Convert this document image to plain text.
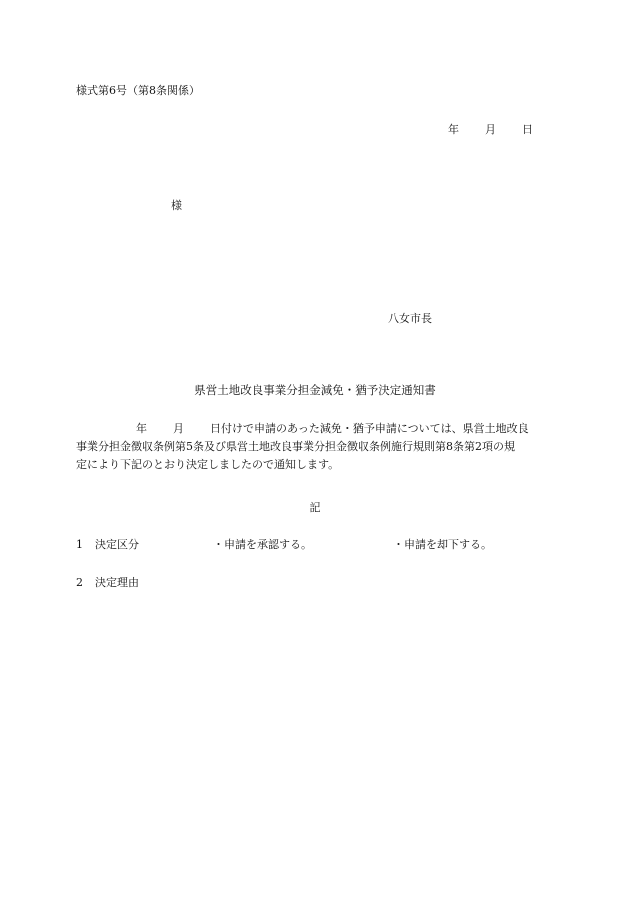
様式第6号（第8条関係）
年 月 日
様
八女市長
県営土地改良事業分担金減免・猶予決定通知書
年 月 日付けで申請のあった減免・猶予申請については、県営土地改良
事業分担金徴収条例第5条及び県営土地改良事業分担金徴収条例施行規則第8条第2項の規
定により下記のとおり決定しましたので通知します。
記
1 決定区分	・申請を承認する。	・申請を却下する。
2 決定理由
